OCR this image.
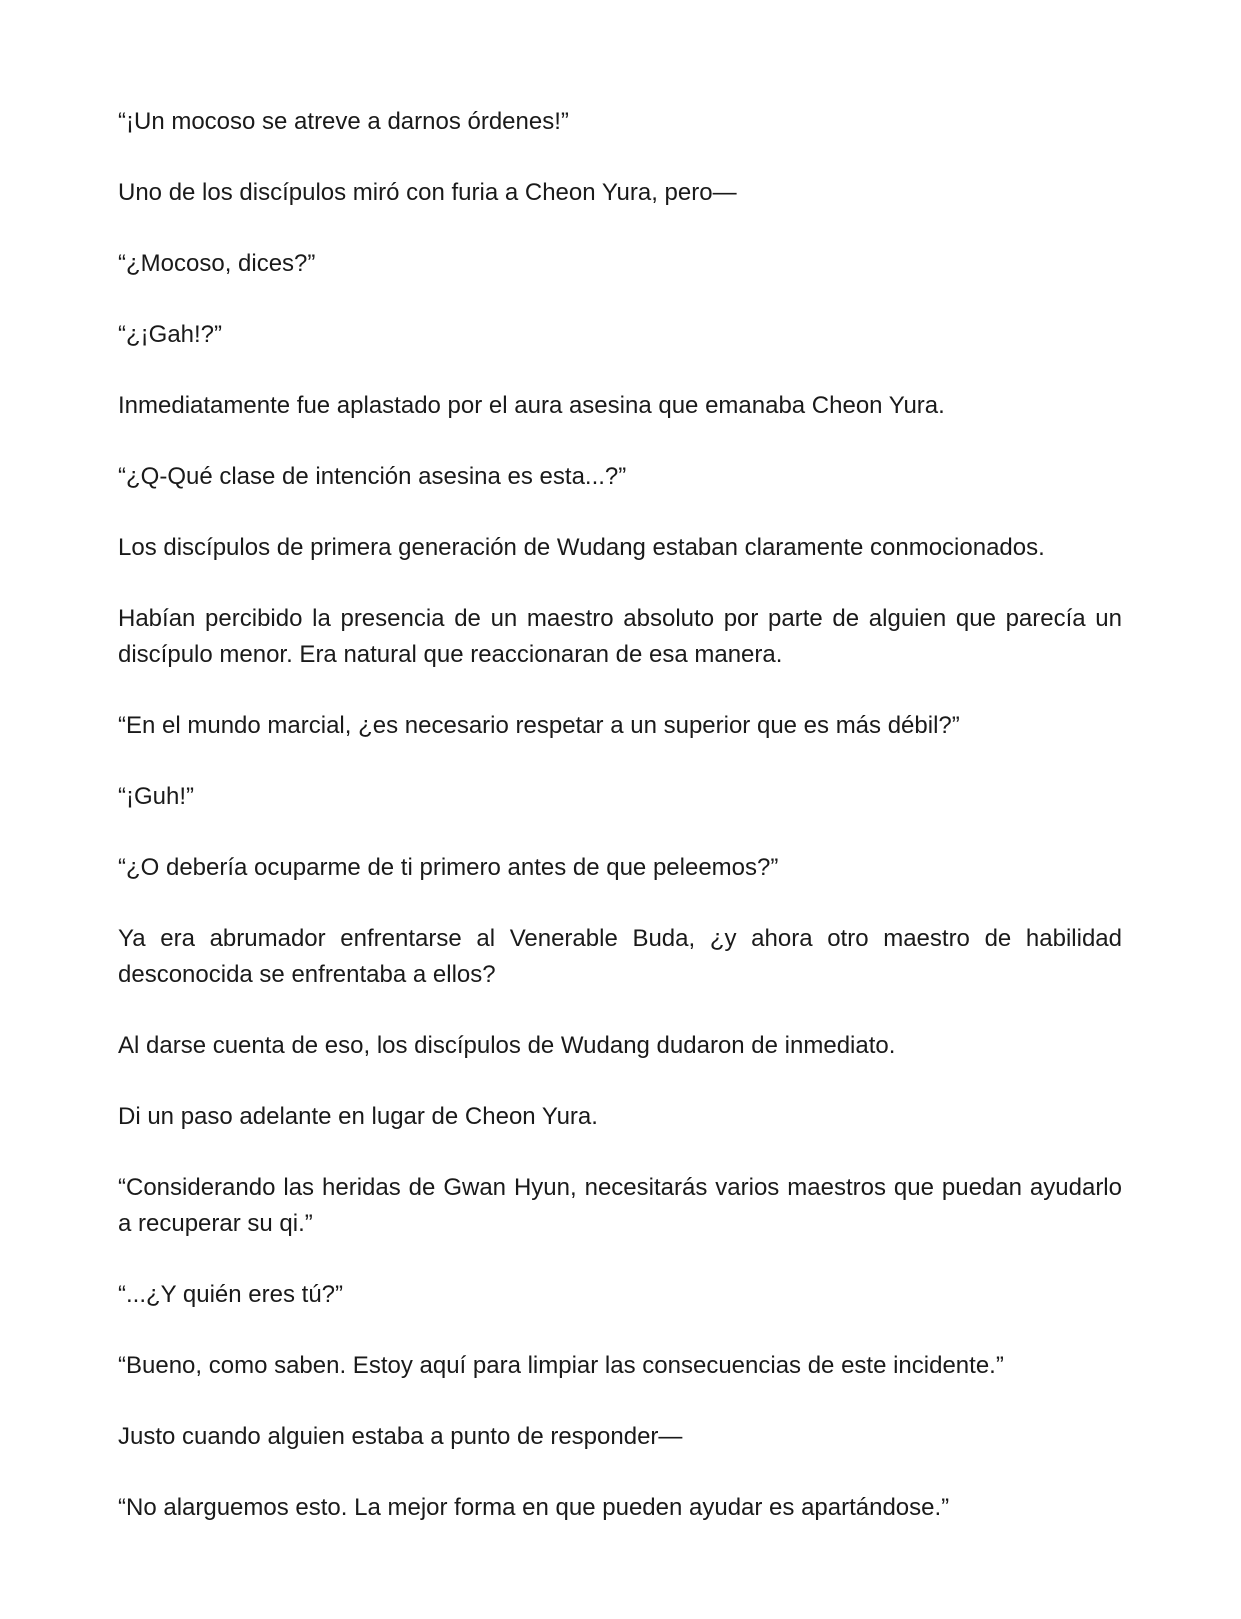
“¡Un mocoso se atreve a darnos órdenes!”

Uno de los discípulos miró con furia a Cheon Yura, pero—

“¿Mocoso, dices?”

“¿¡Gah!?”

Inmediatamente fue aplastado por el aura asesina que emanaba Cheon Yura.

“¿Q-Qué clase de intención asesina es esta...?”

Los discípulos de primera generación de Wudang estaban claramente conmocionados.

Habían percibido la presencia de un maestro absoluto por parte de alguien que parecía un discípulo menor. Era natural que reaccionaran de esa manera.

“En el mundo marcial, ¿es necesario respetar a un superior que es más débil?”

“¡Guh!”

“¿O debería ocuparme de ti primero antes de que peleemos?”

Ya era abrumador enfrentarse al Venerable Buda, ¿y ahora otro maestro de habilidad desconocida se enfrentaba a ellos?

Al darse cuenta de eso, los discípulos de Wudang dudaron de inmediato.

Di un paso adelante en lugar de Cheon Yura.

“Considerando las heridas de Gwan Hyun, necesitarás varios maestros que puedan ayudarlo a recuperar su qi.”

“...¿Y quién eres tú?”

“Bueno, como saben. Estoy aquí para limpiar las consecuencias de este incidente.”

Justo cuando alguien estaba a punto de responder—

“No alarguemos esto. La mejor forma en que pueden ayudar es apartándose.”
